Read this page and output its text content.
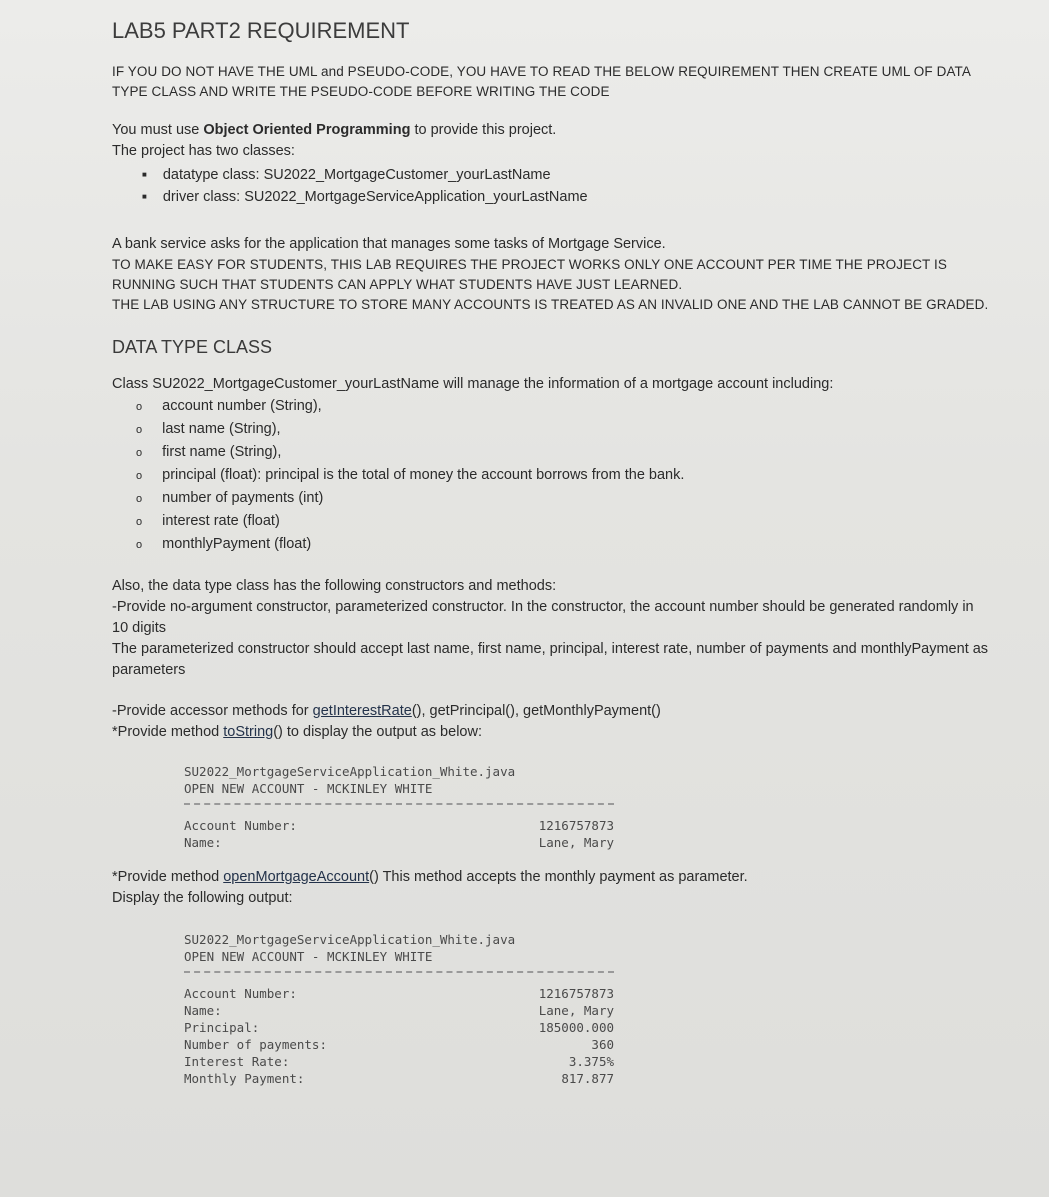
LAB5 PART2 REQUIREMENT

IF YOU DO NOT HAVE THE UML and PSEUDO-CODE, YOU HAVE TO READ THE BELOW REQUIREMENT THEN CREATE UML OF DATA TYPE CLASS AND WRITE THE PSEUDO-CODE BEFORE WRITING THE CODE

You must use Object Oriented Programming to provide this project.

The project has two classes:

■ datatype class: SU2022_MortgageCustomer_yourLastName
■ driver class: SU2022_MortgageServiceApplication_yourLastName

A bank service asks for the application that manages some tasks of Mortgage Service.

TO MAKE EASY FOR STUDENTS, THIS LAB REQUIRES THE PROJECT WORKS ONLY ONE ACCOUNT PER TIME THE PROJECT IS RUNNING SUCH THAT STUDENTS CAN APPLY WHAT STUDENTS HAVE JUST LEARNED.

THE LAB USING ANY STRUCTURE TO STORE MANY ACCOUNTS IS TREATED AS AN INVALID ONE AND THE LAB CANNOT BE GRADED.

DATA TYPE CLASS

Class SU2022_MortgageCustomer_yourLastName will manage the information of a mortgage account including:

o account number (String),
o last name (String),
o first name (String),
o principal (float): principal is the total of money the account borrows from the bank.
o number of payments (int)
o interest rate (float)
o monthlyPayment (float)

Also, the data type class has the following constructors and methods:

-Provide no-argument constructor, parameterized constructor. In the constructor, the account number should be generated randomly in 10 digits

The parameterized constructor should accept last name, first name, principal, interest rate, number of payments and monthlyPayment as parameters

-Provide accessor methods for getInterestRate(), getPrincipal(), getMonthlyPayment()

*Provide method toString() to display the output as below:

SU2022_MortgageServiceApplication_White.java
OPEN NEW ACCOUNT - MCKINLEY WHITE
Account Number:	1216757873
Name:	Lane, Mary

*Provide method openMortgageAccount() This method accepts the monthly payment as parameter.

Display the following output:

SU2022_MortgageServiceApplication_White.java
OPEN NEW ACCOUNT - MCKINLEY WHITE
Account Number:	1216757873
Name:	Lane, Mary
Principal:	185000.000
Number of payments:	360
Interest Rate:	3.375%
Monthly Payment:	817.877
